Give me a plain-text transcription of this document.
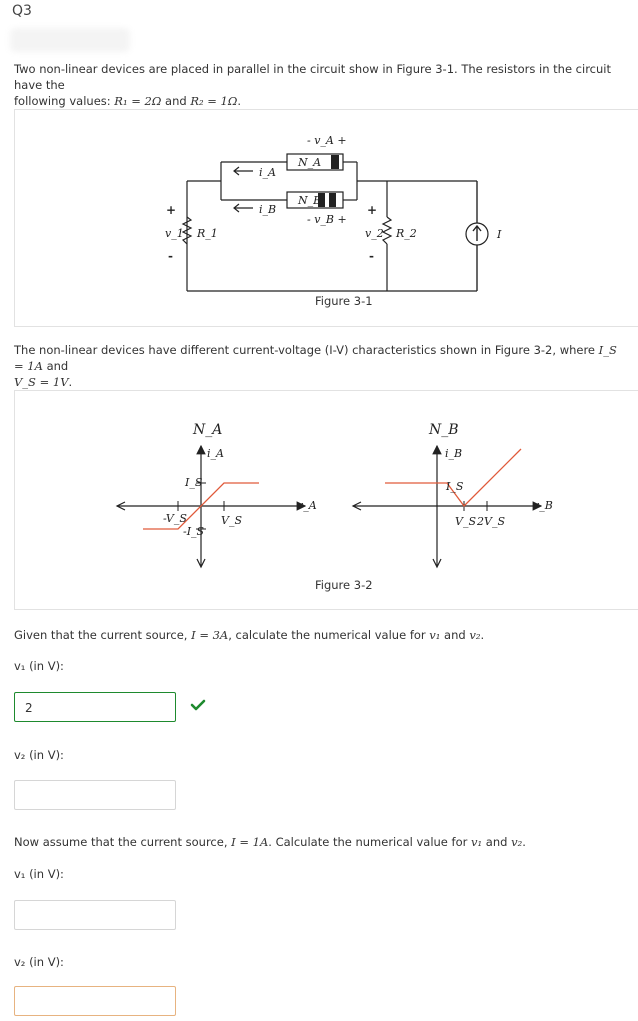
Q3
Two non-linear devices are placed in parallel in the circuit show in Figure 3-1. The resistors in the circuit have the
following values: R₁ = 2Ω and R₂ = 1Ω.
- v_A +
N_A
i_A
N_B
i_B
- v_B +
v_1 R_1	v_2 R_2	I
+
-
+
-
Figure 3-1
The non-linear devices have different current-voltage (I-V) characteristics shown in Figure 3-2, where I_S = 1A and
V_S = 1V.
N_A
i_A
I_S
-I_S
-V_S	V_S
v_A
N_B
i_B
I_S
V_S 2V_S
v_B
Figure 3-2
Given that the current source, I = 3A, calculate the numerical value for v₁ and v₂.
v₁ (in V):
2
v₂ (in V):
Now assume that the current source, I = 1A. Calculate the numerical value for v₁ and v₂.
v₁ (in V):
v₂ (in V):
